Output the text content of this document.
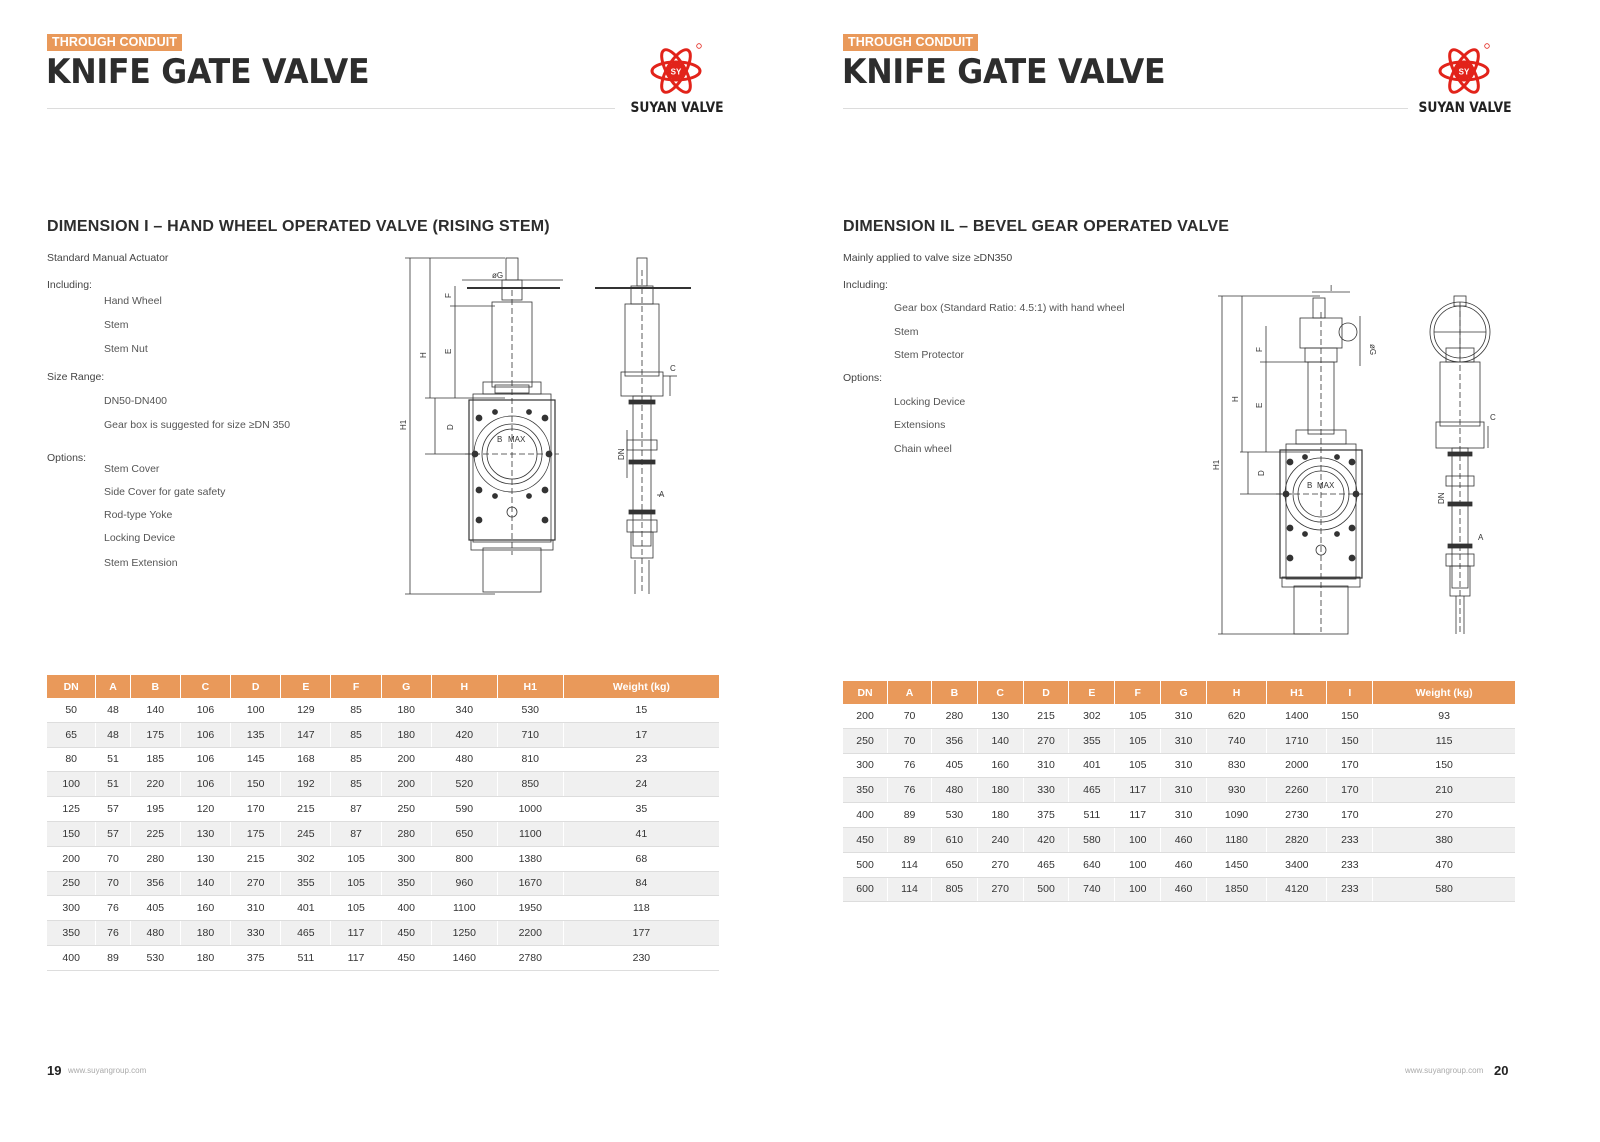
THROUGH CONDUIT
KNIFE GATE VALVE	SY
SUYAN VALVE
DIMENSION I – HAND WHEEL OPERATED VALVE (RISING STEM)
Standard Manual Actuator
Including:
Hand Wheel
Stem
Stem Nut
Size Range:
DN50-DN400
Gear box is suggested for size ≥DN 350
Options:
Stem Cover
Side Cover for gate safety
Rod-type Yoke
Locking Device
Stem Extension
øG
F
E
H
H1	D
B MAX
C
DN
A
DN	A	B	C	D	E	F	G	H	H1	Weight (kg)
50	48	140	106	100	129	85	180	340	530	15
65	48	175	106	135	147	85	180	420	710	17
80	51	185	106	145	168	85	200	480	810	23
100	51	220	106	150	192	85	200	520	850	24
125	57	195	120	170	215	87	250	590	1000	35
150	57	225	130	175	245	87	280	650	1100	41
200	70	280	130	215	302	105	300	800	1380	68
250	70	356	140	270	355	105	350	960	1670	84
300	76	405	160	310	401	105	400	1100	1950	118
350	76	480	180	330	465	117	450	1250	2200	177
400	89	530	180	375	511	117	450	1460	2780	230
19 www.suyangroup.com
THROUGH CONDUIT
KNIFE GATE VALVE	SY
SUYAN VALVE
DIMENSION IL – BEVEL GEAR OPERATED VALVE
Mainly applied to valve size ≥DN350
Including:
Gear box (Standard Ratio: 4.5:1) with hand wheel
Stem
Stem Protector
Options:
Locking Device
Extensions
Chain wheel
I
øG
F
E
H
H1
D
B MAX
C
DN
A
DN	A	B	C	D	E	F	G	H	H1	I	Weight (kg)
200	70	280	130	215	302	105	310	620	1400	150	93
250	70	356	140	270	355	105	310	740	1710	150	115
300	76	405	160	310	401	105	310	830	2000	170	150
350	76	480	180	330	465	117	310	930	2260	170	210
400	89	530	180	375	511	117	310	1090	2730	170	270
450	89	610	240	420	580	100	460	1180	2820	233	380
500	114	650	270	465	640	100	460	1450	3400	233	470
600	114	805	270	500	740	100	460	1850	4120	233	580
www.suyangroup.com 20
